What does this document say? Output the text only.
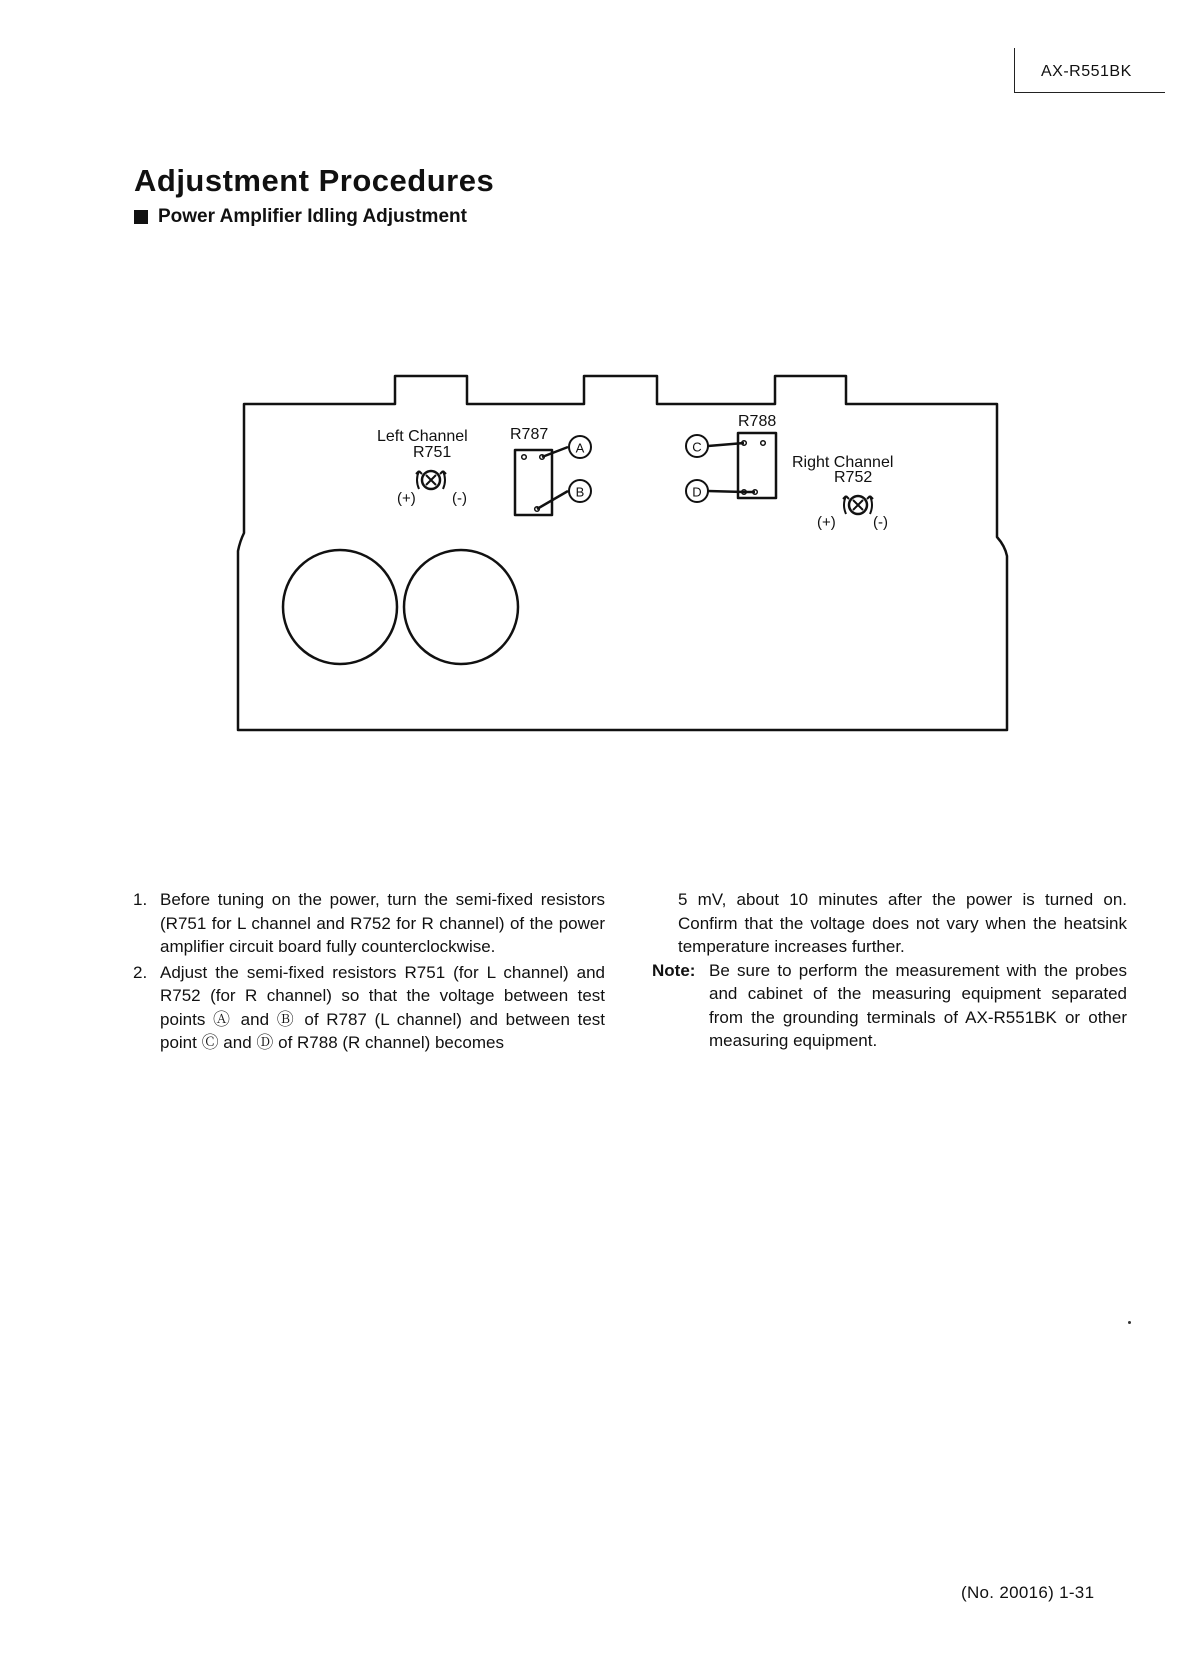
AX-R551BK
Adjustment Procedures
Power Amplifier Idling Adjustment
Left Channel	R787
R751
(+) (-)
A
B
R788
C
D
Right Channel
R752
(+) (-)
1. Before tuning on the power, turn the semi-fixed resistors (R751 for L channel and R752 for R channel) of the power amplifier circuit board fully counterclockwise.
2. Adjust the semi-fixed resistors R751 (for L channel) and R752 (for R channel) so that the voltage between test points Ⓐ and Ⓑ of R787 (L channel) and between test point Ⓒ and Ⓓ of R788 (R channel) becomes

5 mV, about 10 minutes after the power is turned on. Confirm that the voltage does not vary when the heatsink temperature increases further.

Note: Be sure to perform the measurement with the probes and cabinet of the measuring equipment separated from the grounding terminals of AX-R551BK or other measuring equipment.
(No. 20016) 1-31
